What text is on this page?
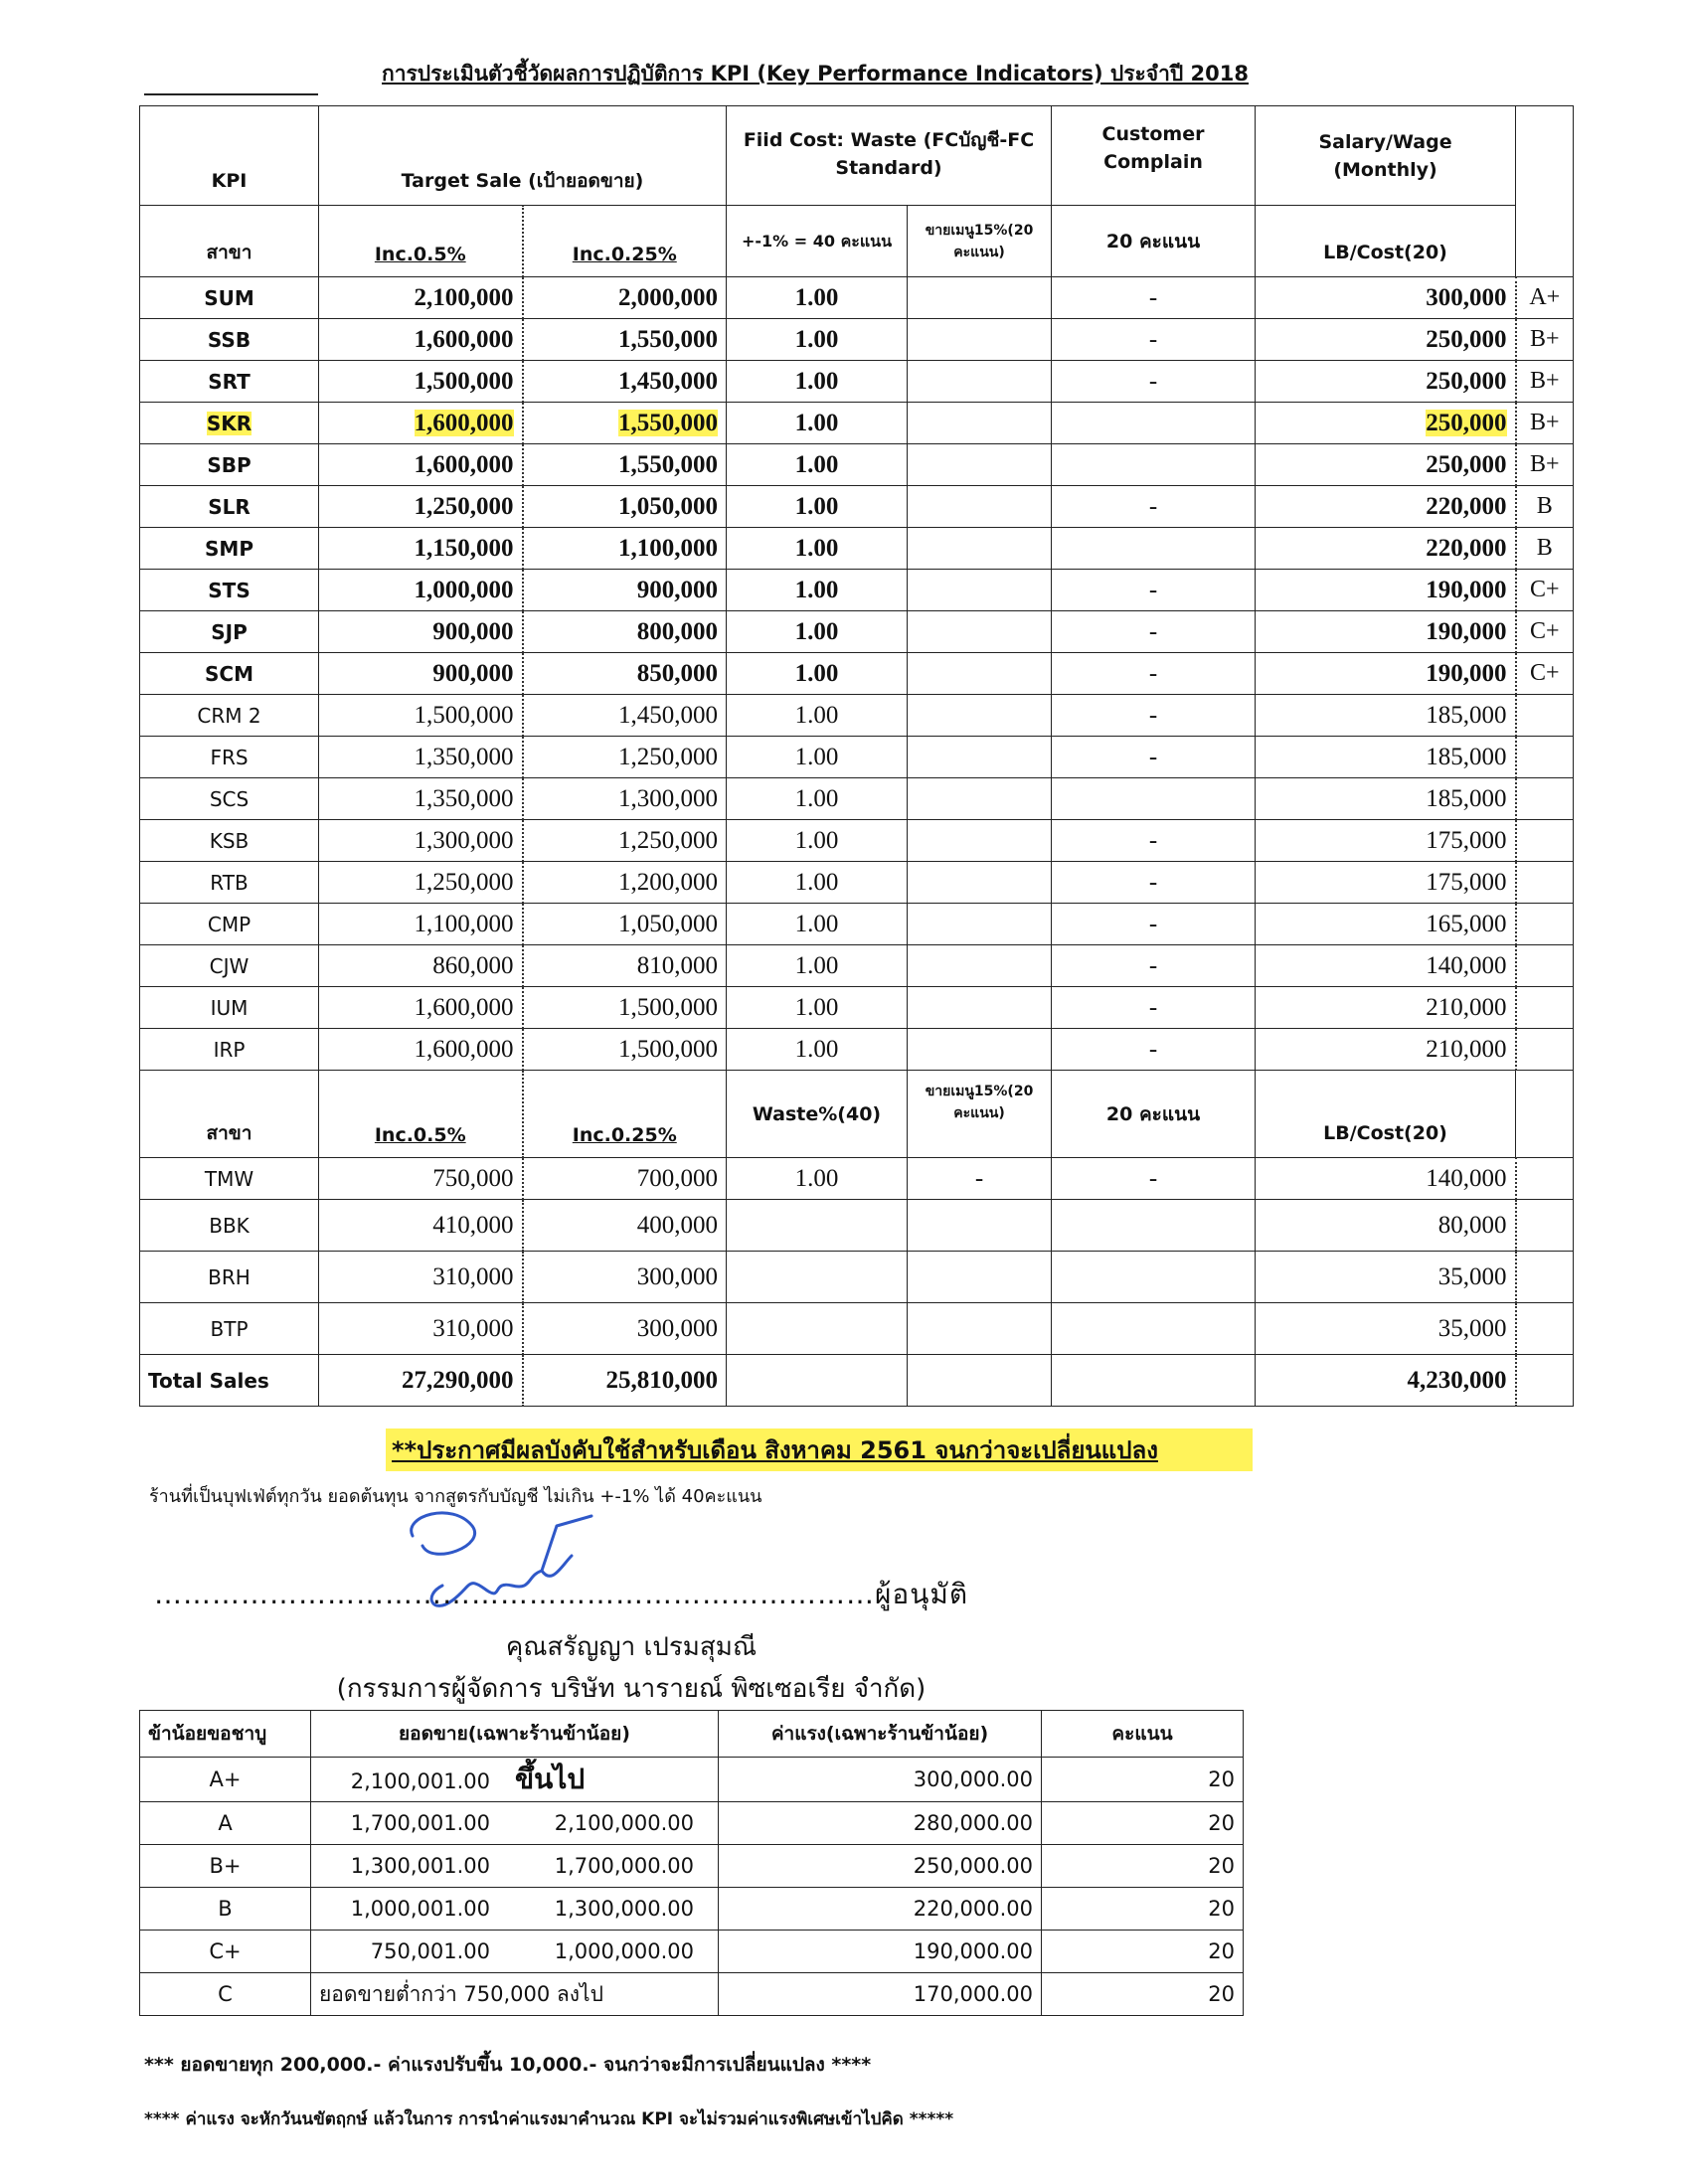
การประเมินตัวชี้วัดผลการปฏิบัติการ KPI (Key Performance Indicators) ประจำปี 2018
KPI	Target Sale (เป้ายอดขาย)		Fiid Cost: Waste (FCบัญชี-FC Standard)		Customer Complain	Salary/Wage (Monthly)	
สาขา	Inc.0.5%	Inc.0.25%	+-1% = 40 คะแนน	ขายเมนู15%(20 คะแนน)	20 คะแนน	LB/Cost(20)	
SUM	2,100,000	2,000,000	1.00		-	300,000	A+
SSB	1,600,000	1,550,000	1.00		-	250,000	B+
SRT	1,500,000	1,450,000	1.00		-	250,000	B+
SKR	1,600,000	1,550,000	1.00			250,000	B+
SBP	1,600,000	1,550,000	1.00			250,000	B+
SLR	1,250,000	1,050,000	1.00		-	220,000	B
SMP	1,150,000	1,100,000	1.00			220,000	B
STS	1,000,000	900,000	1.00		-	190,000	C+
SJP	900,000	800,000	1.00		-	190,000	C+
SCM	900,000	850,000	1.00		-	190,000	C+
CRM 2	1,500,000	1,450,000	1.00		-	185,000	
FRS	1,350,000	1,250,000	1.00		-	185,000	
SCS	1,350,000	1,300,000	1.00			185,000	
KSB	1,300,000	1,250,000	1.00		-	175,000	
RTB	1,250,000	1,200,000	1.00		-	175,000	
CMP	1,100,000	1,050,000	1.00		-	165,000	
CJW	860,000	810,000	1.00		-	140,000	
IUM	1,600,000	1,500,000	1.00		-	210,000	
IRP	1,600,000	1,500,000	1.00		-	210,000	
สาขา	Inc.0.5%	Inc.0.25%	Waste%(40)	ขายเมนู15%(20 คะแนน)	20 คะแนน	LB/Cost(20)	
TMW	750,000	700,000	1.00	-	-	140,000	
BBK	410,000	400,000				80,000	
BRH	310,000	300,000				35,000	
BTP	310,000	300,000				35,000	
Total Sales	27,290,000	25,810,000				4,230,000	
**ประกาศมีผลบังคับใช้สำหรับเดือน สิงหาคม 2561 จนกว่าจะเปลี่ยนแปลง
ร้านที่เป็นบุฟเฟ่ต์ทุกวัน ยอดต้นทุน จากสูตรกับบัญชี ไม่เกิน +-1% ได้ 40คะแนน
…………………………………………………………………ผู้อนุมัติ
คุณสรัญญา เปรมสุมณี
(กรรมการผู้จัดการ บริษัท นารายณ์ พิซเซอเรีย จำกัด)
ข้าน้อยขอชาบู	ยอดขาย(เฉพาะร้านข้าน้อย)	ค่าแรง(เฉพาะร้านข้าน้อย)	คะแนน
A+	2,100,001.00 ขึ้นไป	300,000.00	20
A	1,700,001.00 2,100,000.00	280,000.00	20
B+	1,300,001.00 1,700,000.00	250,000.00	20
B	1,000,001.00 1,300,000.00	220,000.00	20
C+	750,001.00 1,000,000.00	190,000.00	20
C	ยอดขายต่ำกว่า 750,000 ลงไป	170,000.00	20
*** ยอดขายทุก 200,000.- ค่าแรงปรับขึ้น 10,000.- จนกว่าจะมีการเปลี่ยนแปลง ****
**** ค่าแรง จะหักวันนขัตฤกษ์ แล้วในการ การนำค่าแรงมาคำนวณ KPI จะไม่รวมค่าแรงพิเศษเข้าไปคิด *****
